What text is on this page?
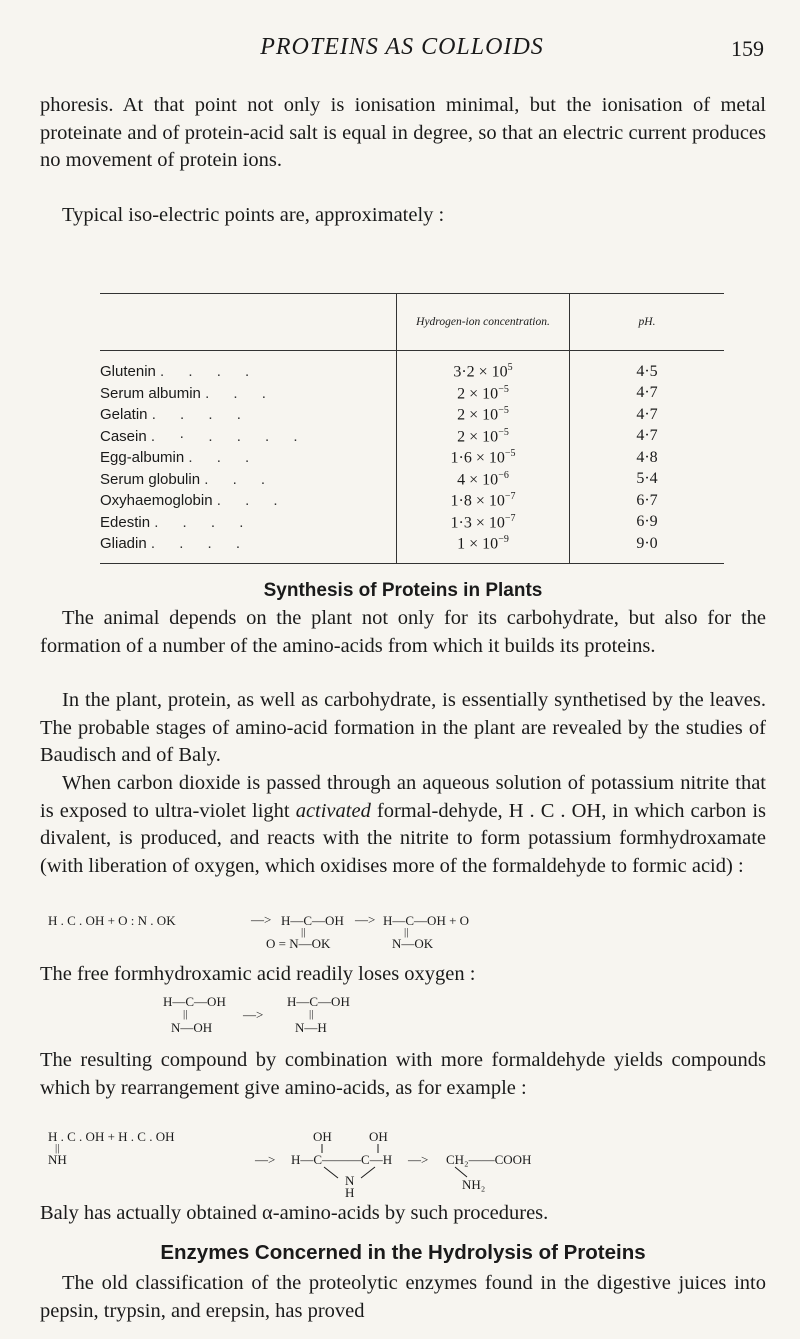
PROTEINS AS COLLOIDS	159

phoresis. At that point not only is ionisation minimal, but the ionisation of metal proteinate and of protein-acid salt is equal in degree, so that an electric current produces no movement of protein ions.

Typical iso-electric points are, approximately :

	Hydrogen-ion concentration.	pH.
Glutenin . . . .	$3\cdot 2 \times 10^5$	4·5
Serum albumin . . .	$2 \times 10^{-5}$	4·7
Gelatin . . . .	$2 \times 10^{-5}$	4·7
Casein . · . . . .	$2 \times 10^{-5}$	4·7
Egg-albumin . . .	$1\cdot 6 \times 10^{-5}$	4·8
Serum globulin . . .	$4 \times 10^{-6}$	5·4
Oxyhaemoglobin . . .	$1\cdot 8 \times 10^{-7}$	6·7
Edestin . . . .	$1\cdot 3 \times 10^{-7}$	6·9
Gliadin . . . .	$1 \times 10^{-9}$	9·0
Synthesis of Proteins in Plants

The animal depends on the plant not only for its carbohydrate, but also for the formation of a number of the amino-acids from which it builds its proteins.

In the plant, protein, as well as carbohydrate, is essentially synthetised by the leaves. The probable stages of amino-acid formation in the plant are revealed by the studies of Baudisch and of Baly.

When carbon dioxide is passed through an aqueous solution of potassium nitrite that is exposed to ultra-violet light activated formal-dehyde, H . C . OH, in which carbon is divalent, is produced, and reacts with the nitrite to form potassium formhydroxamate (with liberation of oxygen, which oxidises more of the formaldehyde to formic acid) :

H . C . OH + O : N . OK

	—>

H—C—OH

||

O = N—OK

—>

H—C—OH + O

||

N—OK

The free formhydroxamic acid readily loses oxygen :

H—C—OH

||

N—OH

—>

H—C—OH

||

N—H

The resulting compound by combination with more formaldehyde yields compounds which by rearrangement give amino-acids, as for example :

H . C . OH + H . C . OH

||

NH

	—>

OH

	OH

H—C———C—H

N

H

—>

CH₂——COOH

NH₂

Baly has actually obtained α-amino-acids by such procedures.

Enzymes Concerned in the Hydrolysis of Proteins

The old classification of the proteolytic enzymes found in the digestive juices into pepsin, trypsin, and erepsin, has proved
